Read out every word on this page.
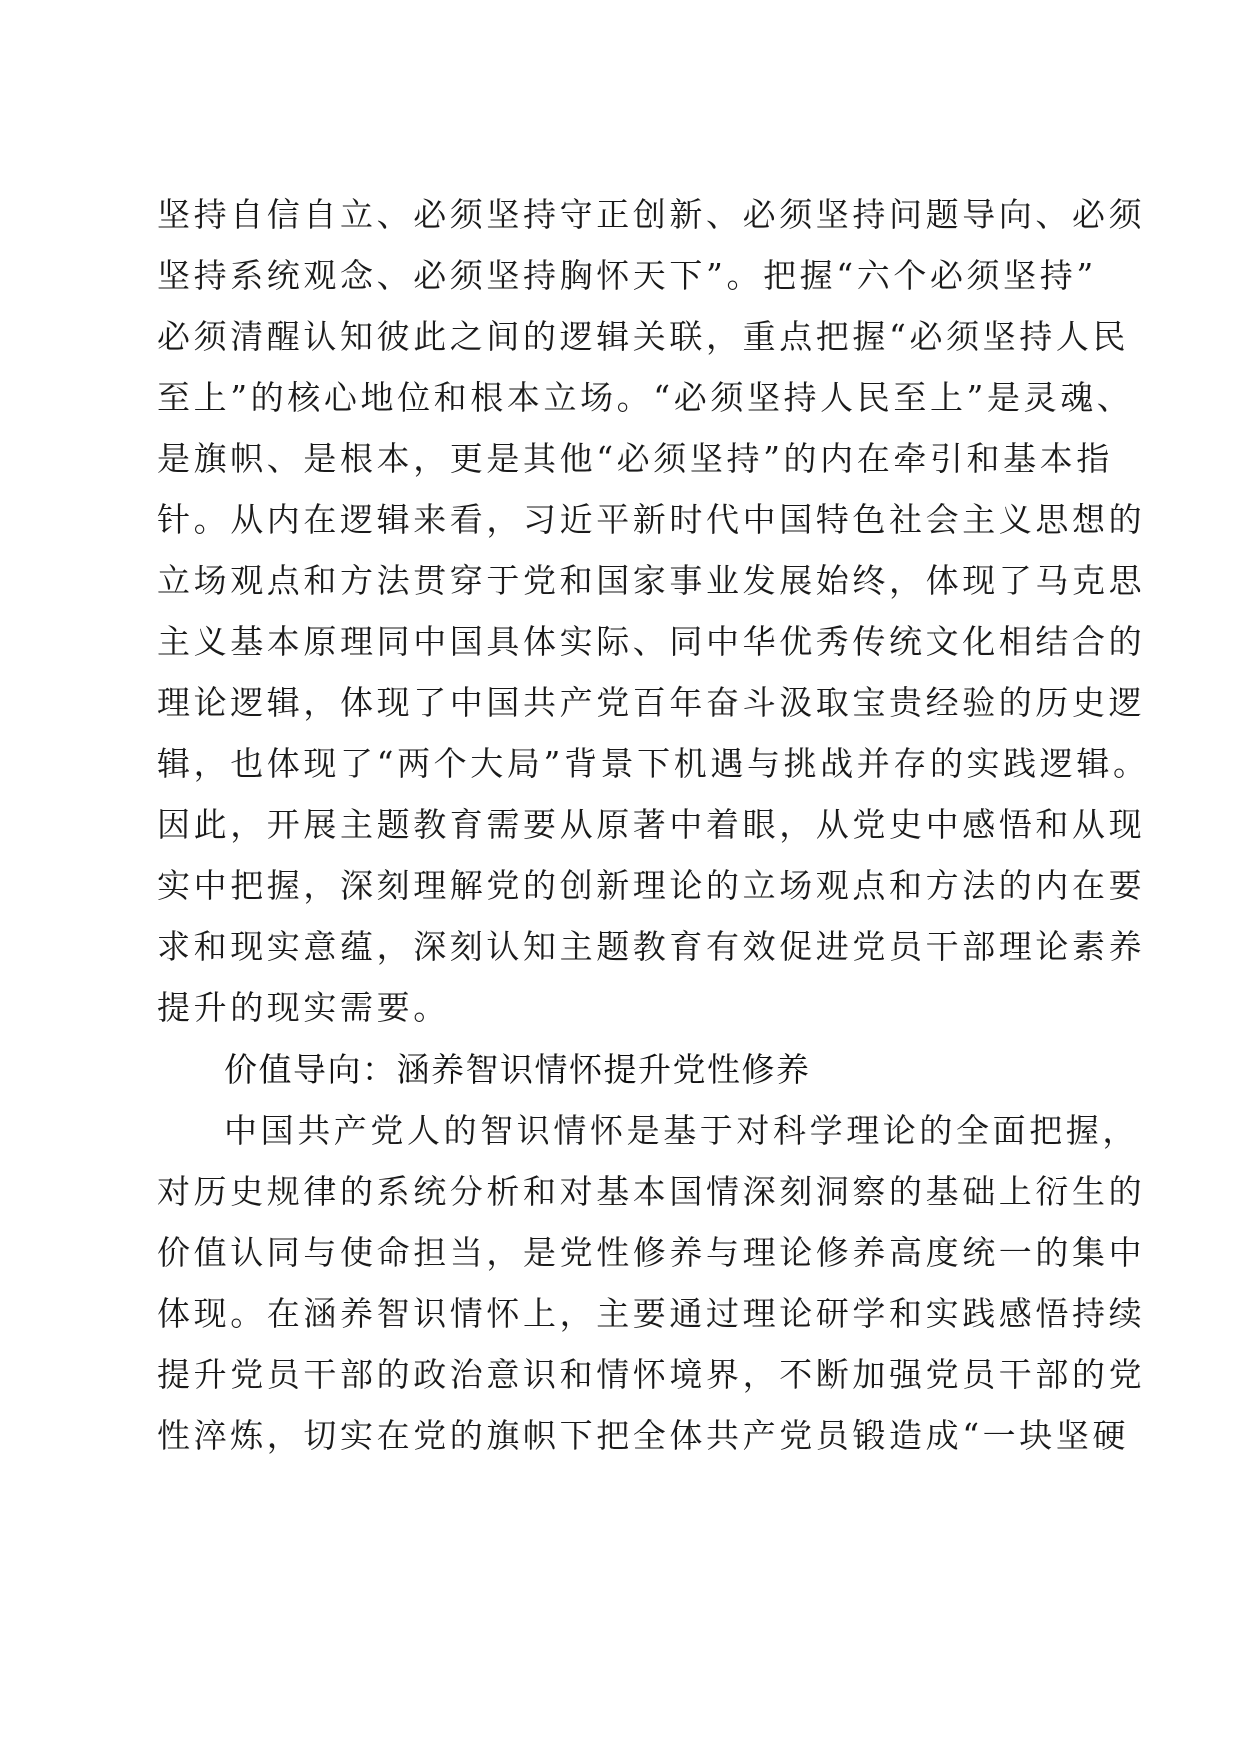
坚持自信自立、必须坚持守正创新、必须坚持问题导向、必须
坚持系统观念、必须坚持胸怀天下”。把握“六个必须坚持”
必须清醒认知彼此之间的逻辑关联，重点把握“必须坚持人民
至上”的核心地位和根本立场。“必须坚持人民至上”是灵魂、
是旗帜、是根本，更是其他“必须坚持”的内在牵引和基本指
针。从内在逻辑来看，习近平新时代中国特色社会主义思想的
立场观点和方法贯穿于党和国家事业发展始终，体现了马克思
主义基本原理同中国具体实际、同中华优秀传统文化相结合的
理论逻辑，体现了中国共产党百年奋斗汲取宝贵经验的历史逻
辑，也体现了“两个大局”背景下机遇与挑战并存的实践逻辑。
因此，开展主题教育需要从原著中着眼，从党史中感悟和从现
实中把握，深刻理解党的创新理论的立场观点和方法的内在要
求和现实意蕴，深刻认知主题教育有效促进党员干部理论素养
提升的现实需要。
价值导向：涵养智识情怀提升党性修养
中国共产党人的智识情怀是基于对科学理论的全面把握，
对历史规律的系统分析和对基本国情深刻洞察的基础上衍生的
价值认同与使命担当，是党性修养与理论修养高度统一的集中
体现。在涵养智识情怀上，主要通过理论研学和实践感悟持续
提升党员干部的政治意识和情怀境界，不断加强党员干部的党
性淬炼，切实在党的旗帜下把全体共产党员锻造成“一块坚硬
